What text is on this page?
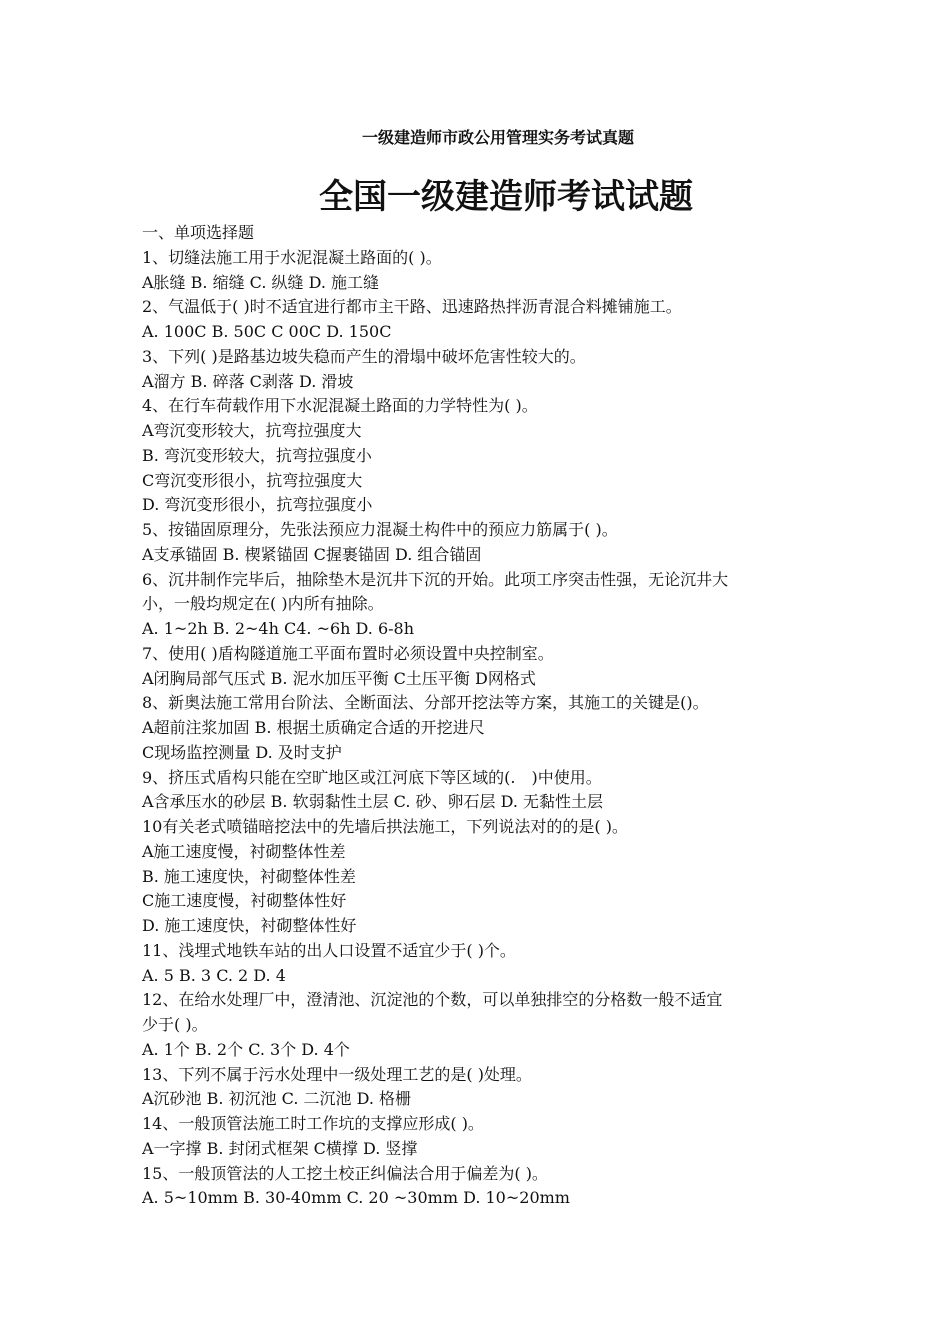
一级建造师市政公用管理实务考试真题
全国一级建造师考试试题
一、单项选择题
1、切缝法施工用于水泥混凝土路面的( )。
A胀缝 B. 缩缝 C. 纵缝 D. 施工缝
2、气温低于( )时不适宜进行都市主干路、迅速路热拌沥青混合料摊铺施工。
A. 100C B. 50C C 00C D. 150C
3、下列( )是路基边坡失稳而产生的滑塌中破坏危害性较大的。
A溜方 B. 碎落 C剥落 D. 滑坡
4、在行车荷载作用下水泥混凝土路面的力学特性为( )。
A弯沉变形较大，抗弯拉强度大
B. 弯沉变形较大，抗弯拉强度小
C弯沉变形很小，抗弯拉强度大
D. 弯沉变形很小，抗弯拉强度小
5、按锚固原理分，先张法预应力混凝土构件中的预应力筋属于( )。
A支承锚固 B. 楔紧锚固 C握裹锚固 D. 组合锚固
6、沉井制作完毕后，抽除垫木是沉井下沉的开始。此项工序突击性强，无论沉井大
小，一般均规定在( )内所有抽除。
A. 1~2h B. 2~4h C4. ~6h D. 6-8h
7、使用( )盾构隧道施工平面布置时必须设置中央控制室。
A闭胸局部气压式 B. 泥水加压平衡 C土压平衡 D网格式
8、新奥法施工常用台阶法、全断面法、分部开挖法等方案，其施工的关键是()。
A超前注浆加固 B. 根据土质确定合适的开挖进尺
C现场监控测量 D. 及时支护
9、挤压式盾构只能在空旷地区或江河底下等区域的(.　)中使用。
A含承压水的砂层 B. 软弱黏性土层 C. 砂、卵石层 D. 无黏性土层
10有关老式喷锚暗挖法中的先墙后拱法施工，下列说法对的的是( )。
A施工速度慢，衬砌整体性差
B. 施工速度快，衬砌整体性差
C施工速度慢，衬砌整体性好
D. 施工速度快，衬砌整体性好
11、浅埋式地铁车站的出人口设置不适宜少于( )个。
A. 5 B. 3 C. 2 D. 4
12、在给水处理厂中，澄清池、沉淀池的个数，可以单独排空的分格数一般不适宜
少于( )。
A. 1个 B. 2个 C. 3个 D. 4个
13、下列不属于污水处理中一级处理工艺的是( )处理。
A沉砂池 B. 初沉池 C. 二沉池 D. 格栅
14、一般顶管法施工时工作坑的支撑应形成( )。
A一字撑 B. 封闭式框架 C横撑 D. 竖撑
15、一般顶管法的人工挖土校正纠偏法合用于偏差为( )。
A. 5~10mm B. 30-40mm C. 20 ~30mm D. 10~20mm
